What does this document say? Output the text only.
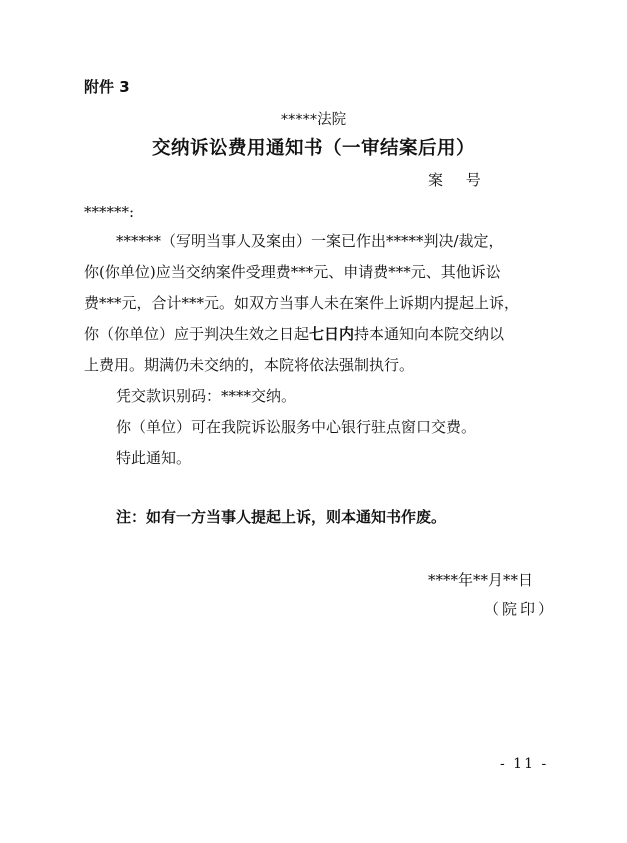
附件 3
*****法院
交纳诉讼费用通知书（一审结案后用）
案 号
******:
******（写明当事人及案由）一案已作出*****判决/裁定，
你(你单位)应当交纳案件受理费***元、申请费***元、其他诉讼
费***元，合计***元。如双方当事人未在案件上诉期内提起上诉，
你（你单位）应于判决生效之日起七日内持本通知向本院交纳以
上费用。期满仍未交纳的，本院将依法强制执行。
凭交款识别码：****交纳。
你（单位）可在我院诉讼服务中心银行驻点窗口交费。
特此通知。
注：如有一方当事人提起上诉，则本通知书作废。
****年**月**日
（院印）
- 11 -
